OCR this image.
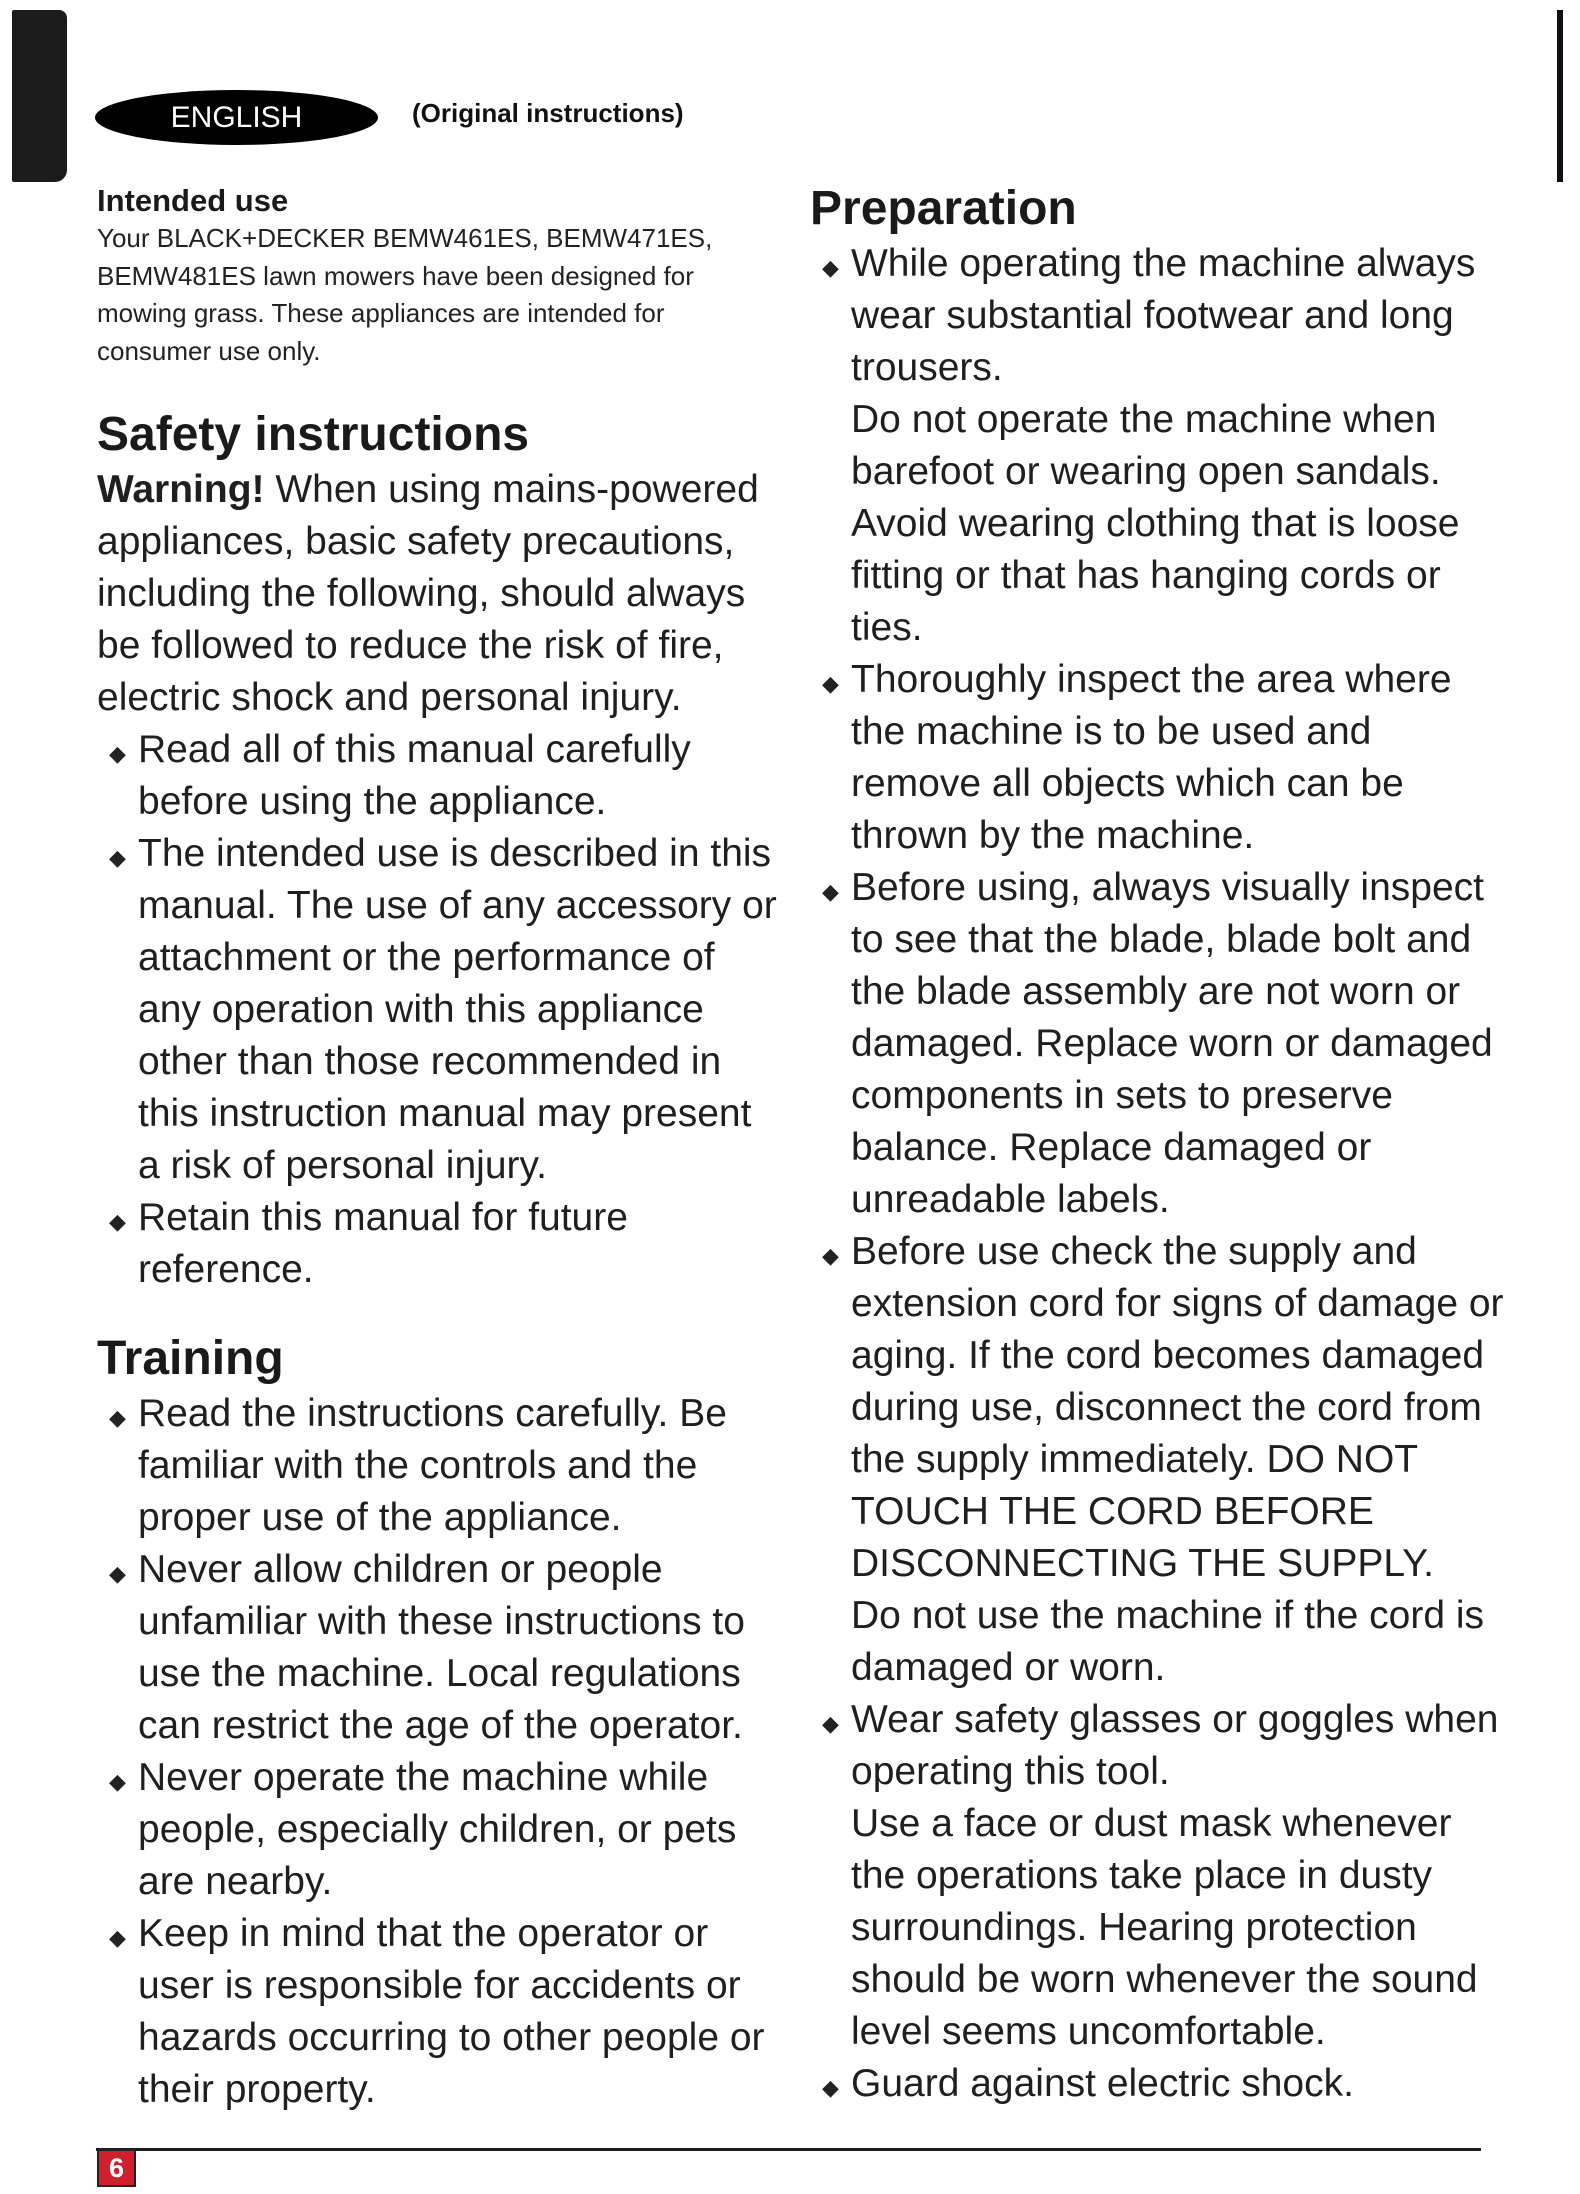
ENGLISH	(Original instructions)
Intended use
Your BLACK+DECKER BEMW461ES, BEMW471ES, BEMW481ES lawn mowers have been designed for mowing grass. These appliances are intended for consumer use only.
Safety instructions
Warning! When using mains-powered appliances, basic safety precautions, including the following, should always be followed to reduce the risk of fire, electric shock and personal injury.
◆ Read all of this manual carefully before using the appliance.
◆ The intended use is described in this manual. The use of any accessory or attachment or the performance of any operation with this appliance other than those recommended in this instruction manual may present a risk of personal injury.
◆ Retain this manual for future reference.
Training
◆ Read the instructions carefully. Be familiar with the controls and the proper use of the appliance.
◆ Never allow children or people unfamiliar with these instructions to use the machine. Local regulations can restrict the age of the operator.
◆ Never operate the machine while people, especially children, or pets are nearby.
◆ Keep in mind that the operator or user is responsible for accidents or hazards occurring to other people or their property.
Preparation
◆ While operating the machine always wear substantial footwear and long trousers.
Do not operate the machine when barefoot or wearing open sandals.
Avoid wearing clothing that is loose fitting or that has hanging cords or ties.
◆ Thoroughly inspect the area where the machine is to be used and remove all objects which can be thrown by the machine.
◆ Before using, always visually inspect to see that the blade, blade bolt and the blade assembly are not worn or damaged. Replace worn or damaged components in sets to preserve balance. Replace damaged or unreadable labels.
◆ Before use check the supply and extension cord for signs of damage or aging. If the cord becomes damaged during use, disconnect the cord from the supply immediately. DO NOT TOUCH THE CORD BEFORE DISCONNECTING THE SUPPLY.
Do not use the machine if the cord is damaged or worn.
◆ Wear safety glasses or goggles when operating this tool.
Use a face or dust mask whenever the operations take place in dusty surroundings. Hearing protection should be worn whenever the sound level seems uncomfortable.
◆ Guard against electric shock.
6
